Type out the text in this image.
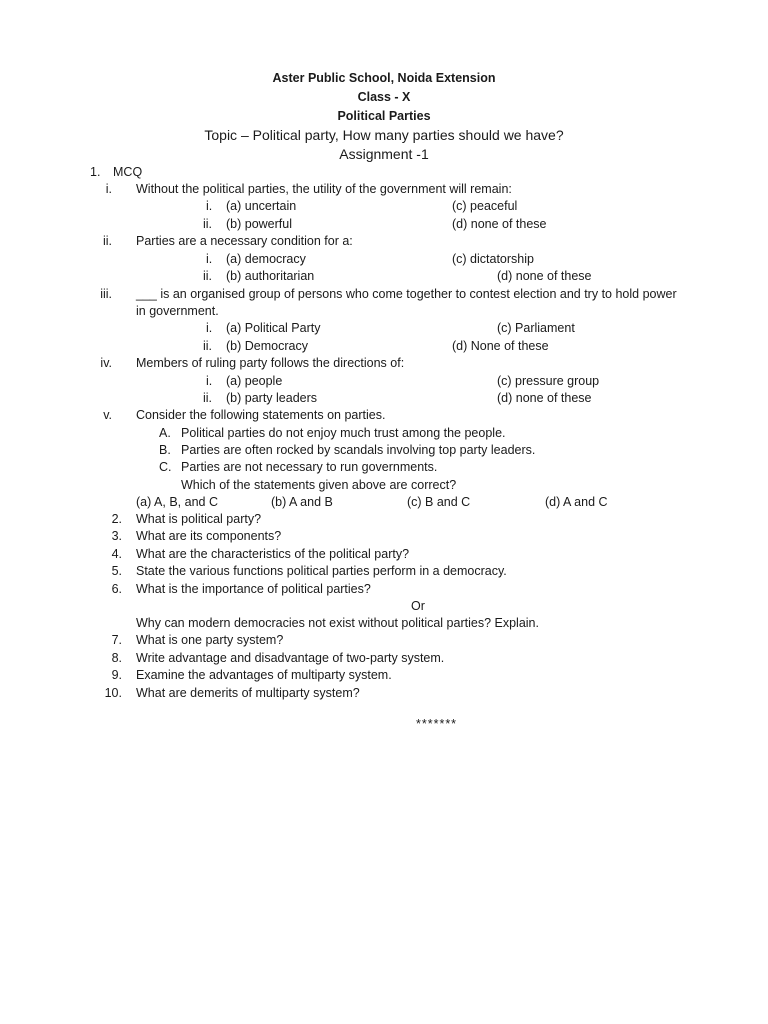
Aster Public School, Noida Extension
Class - X
Political Parties
Topic – Political party, How many parties should we have?
Assignment -1
1. MCQ
i. Without the political parties, the utility of the government will remain:
i. (a) uncertain	(c) peaceful
ii. (b) powerful	(d) none of these
ii. Parties are a necessary condition for a:
i. (a) democracy	(c) dictatorship
ii. (b) authoritarian	(d) none of these
iii. ___ is an organised group of persons who come together to contest election and try to hold power
in government.
i. (a) Political Party	(c) Parliament
ii. (b) Democracy	(d) None of these
iv. Members of ruling party follows the directions of:
i. (a) people	(c) pressure group
ii. (b) party leaders	(d) none of these
v. Consider the following statements on parties.
A. Political parties do not enjoy much trust among the people.
B. Parties are often rocked by scandals involving top party leaders.
C. Parties are not necessary to run governments.
Which of the statements given above are correct?
(a) A, B, and C	(b) A and B	(c) B and C	(d) A and C
2. What is political party?
3. What are its components?
4. What are the characteristics of the political party?
5. State the various functions political parties perform in a democracy.
6. What is the importance of political parties?
Or
Why can modern democracies not exist without political parties? Explain.
7. What is one party system?
8. Write advantage and disadvantage of two-party system.
9. Examine the advantages of multiparty system.
10. What are demerits of multiparty system?
*******
